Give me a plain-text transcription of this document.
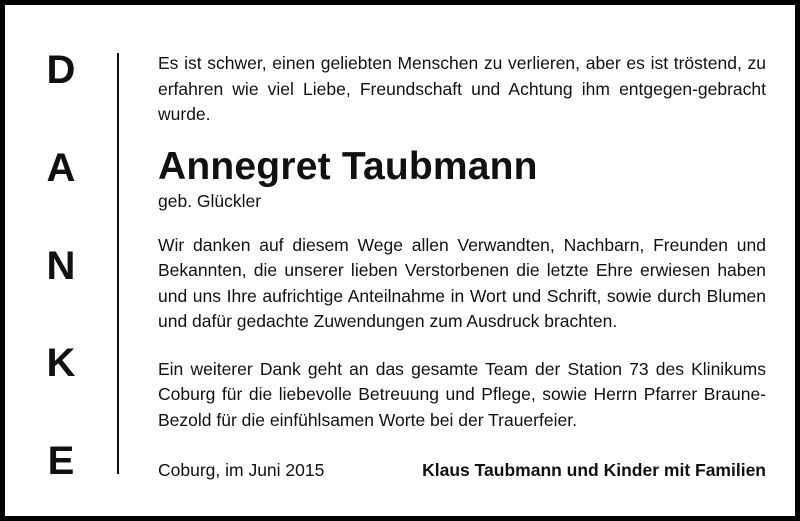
D
A
N
K
E

Es ist schwer, einen geliebten Menschen zu verlieren, aber es ist tröstend, zu erfahren wie viel Liebe, Freundschaft und Achtung ihm entgegen-gebracht wurde.

Annegret Taubmann
geb. Glückler

Wir danken auf diesem Wege allen Verwandten, Nachbarn, Freunden und Bekannten, die unserer lieben Verstorbenen die letzte Ehre erwiesen haben und uns Ihre aufrichtige Anteilnahme in Wort und Schrift, sowie durch Blumen und dafür gedachte Zuwendungen zum Ausdruck brachten.

Ein weiterer Dank geht an das gesamte Team der Station 73 des Klinikums Coburg für die liebevolle Betreuung und Pflege, sowie Herrn Pfarrer Braune-Bezold für die einfühlsamen Worte bei der Trauerfeier.

Coburg, im Juni 2015	Klaus Taubmann und Kinder mit Familien
